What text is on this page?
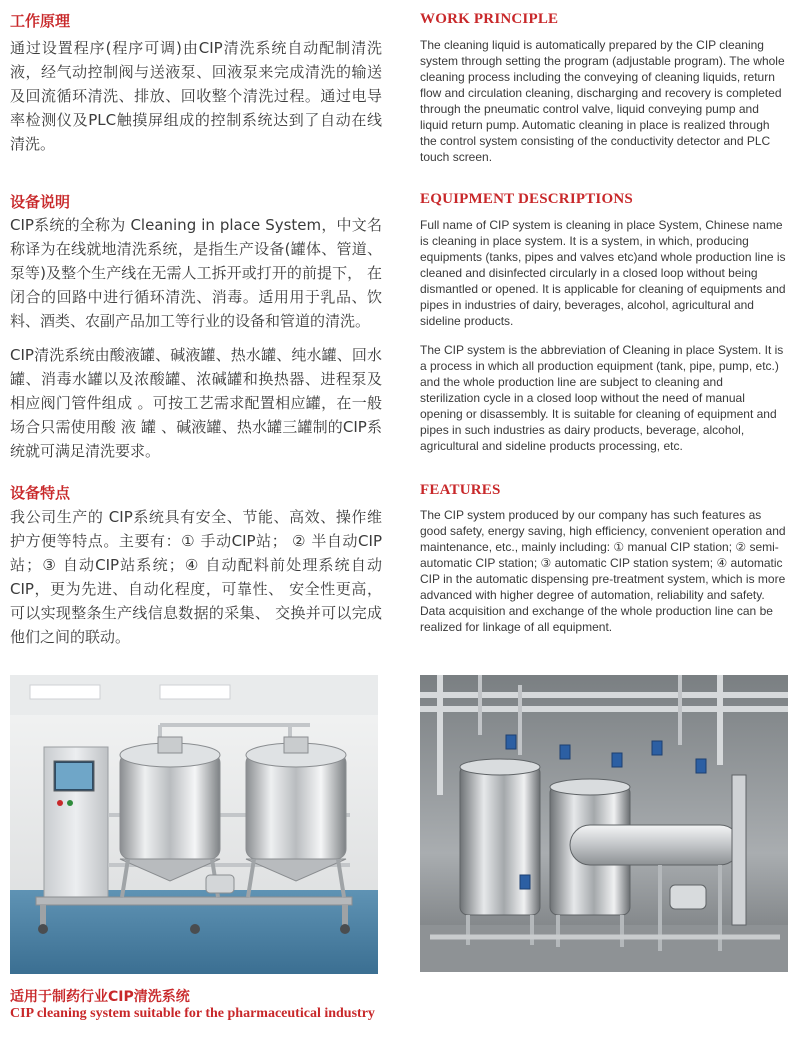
工作原理

通过设置程序(程序可调)由CIP清洗系统自动配制清洗液，经气动控制阀与送液泵、回液泵来完成清洗的输送及回流循环清洗、排放、回收整个清洗过程。通过电导率检测仪及PLC触摸屏组成的控制系统达到了自动在线清洗。

WORK PRINCIPLE

The cleaning liquid is automatically prepared by the CIP cleaning system through setting the program (adjustable program). The whole cleaning process including the conveying of cleaning liquids, return flow and circulation cleaning, discharging and recovery is completed through the pneumatic control valve, liquid conveying pump and liquid return pump. Automatic cleaning in place is realized through the control system consisting of the conductivity detector and PLC touch screen.

设备说明

CIP系统的全称为 Cleaning in place System，中文名称译为在线就地清洗系统，是指生产设备(罐体、管道、泵等)及整个生产线在无需人工拆开或打开的前提下， 在闭合的回路中进行循环清洗、消毒。适用用于乳品、饮料、酒类、农副产品加工等行业的设备和管道的清洗。

CIP清洗系统由酸液罐、碱液罐、热水罐、纯水罐、回水罐、消毒水罐以及浓酸罐、浓碱罐和换热器、进程泵及相应阀门管件组成 。可按工艺需求配置相应罐，在一般场合只需使用酸 液 罐 、碱液罐、热水罐三罐制的CIP系统就可满足清洗要求。

EQUIPMENT DESCRIPTIONS

Full name of CIP system is cleaning in place System, Chinese name is cleaning in place system. It is a system, in which, producing equipments (tanks, pipes and valves etc)and whole production line is cleaned and disinfected circularly in a closed loop without being dismantled or opened. It is applicable for cleaning of equipments and pipes in industries of dairy, beverages, alcohol, agricultural and sideline products.

The CIP system is the abbreviation of Cleaning in place System. It is a process in which all production equipment (tank, pipe, pump, etc.) and the whole production line are subject to cleaning and sterilization cycle in a closed loop without the need of manual opening or disassembly. It is suitable for cleaning of equipment and pipes in such industries as dairy products, beverage, alcohol, agricultural and sideline products processing, etc.

设备特点

我公司生产的 CIP系统具有安全、节能、高效、操作维护方便等特点。主要有：① 手动CIP站； ② 半自动CIP站；③ 自动CIP站系统；④ 自动配料前处理系统自动CIP，更为先进、自动化程度，可靠性、 安全性更高， 可以实现整条生产线信息数据的采集、 交换并可以完成他们之间的联动。

FEATURES

The CIP system produced by our company has such features as good safety, energy saving, high efficiency, convenient operation and maintenance, etc., mainly including: ① manual CIP station; ② semi-automatic CIP station; ③ automatic CIP station system; ④ automatic CIP in the automatic dispensing pre-treatment system, which is more advanced with higher degree of automation, reliability and safety. Data acquisition and exchange of the whole production line can be realized for linkage of all equipment.

适用于制药行业CIP清洗系统

CIP cleaning system suitable for the pharmaceutical industry
